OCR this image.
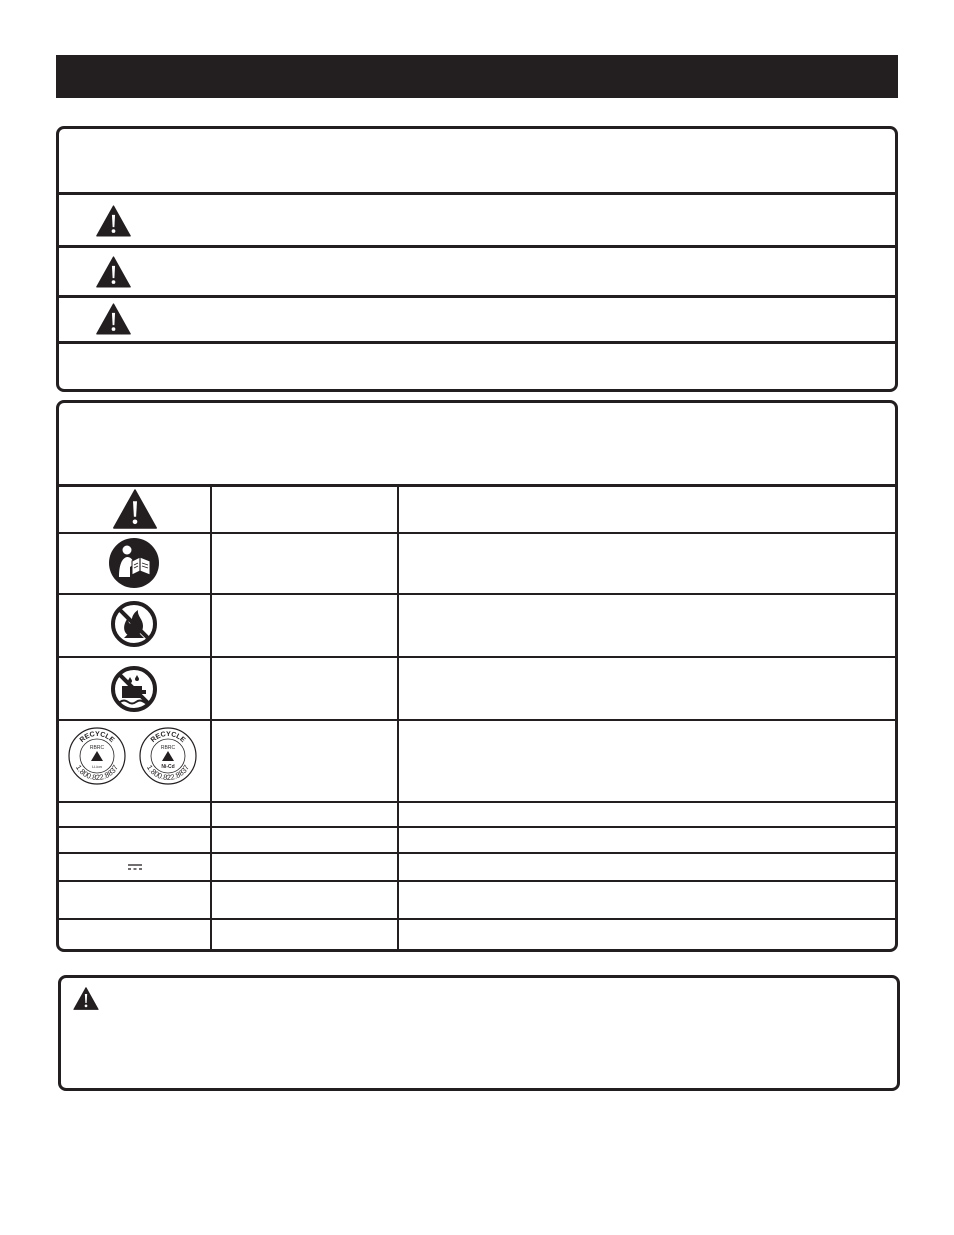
RECYCLE
RBRC
Li-ion
1.800.822.8837
RECYCLE
RBRC
Ni-Cd
1.800.822.8837
